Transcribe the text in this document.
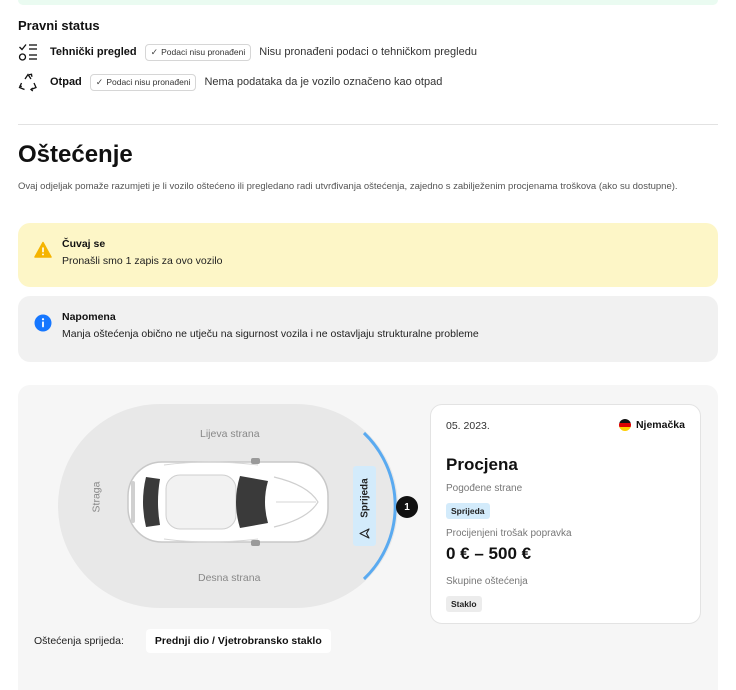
Pravni status
Tehnički pregled ✓ Podaci nisu pronađeni Nisu pronađeni podaci o tehničkom pregledu
Otpad ✓ Podaci nisu pronađeni Nema podataka da je vozilo označeno kao otpad
Oštećenje

Ovaj odjeljak pomaže razumjeti je li vozilo oštećeno ili pregledano radi utvrđivanja oštećenja, zajedno s zabilježenim procjenama troškova (ako su dostupne).

Čuvaj se
Pronašli smo 1 zapis za ovo vozilo
Napomena
Manja oštećenja obično ne utječu na sigurnost vozila i ne ostavljaju strukturalne probleme
Lijeva strana
Desna strana
Straga	Sprijeda	1
05. 2023.	Njemačka
Procjena
Pogođene strane
Sprijeda
Procijenjeni trošak popravka
0 € – 500 €
Skupine oštećenja
Staklo
Oštećenja sprijeda:	Prednji dio / Vjetrobransko staklo
